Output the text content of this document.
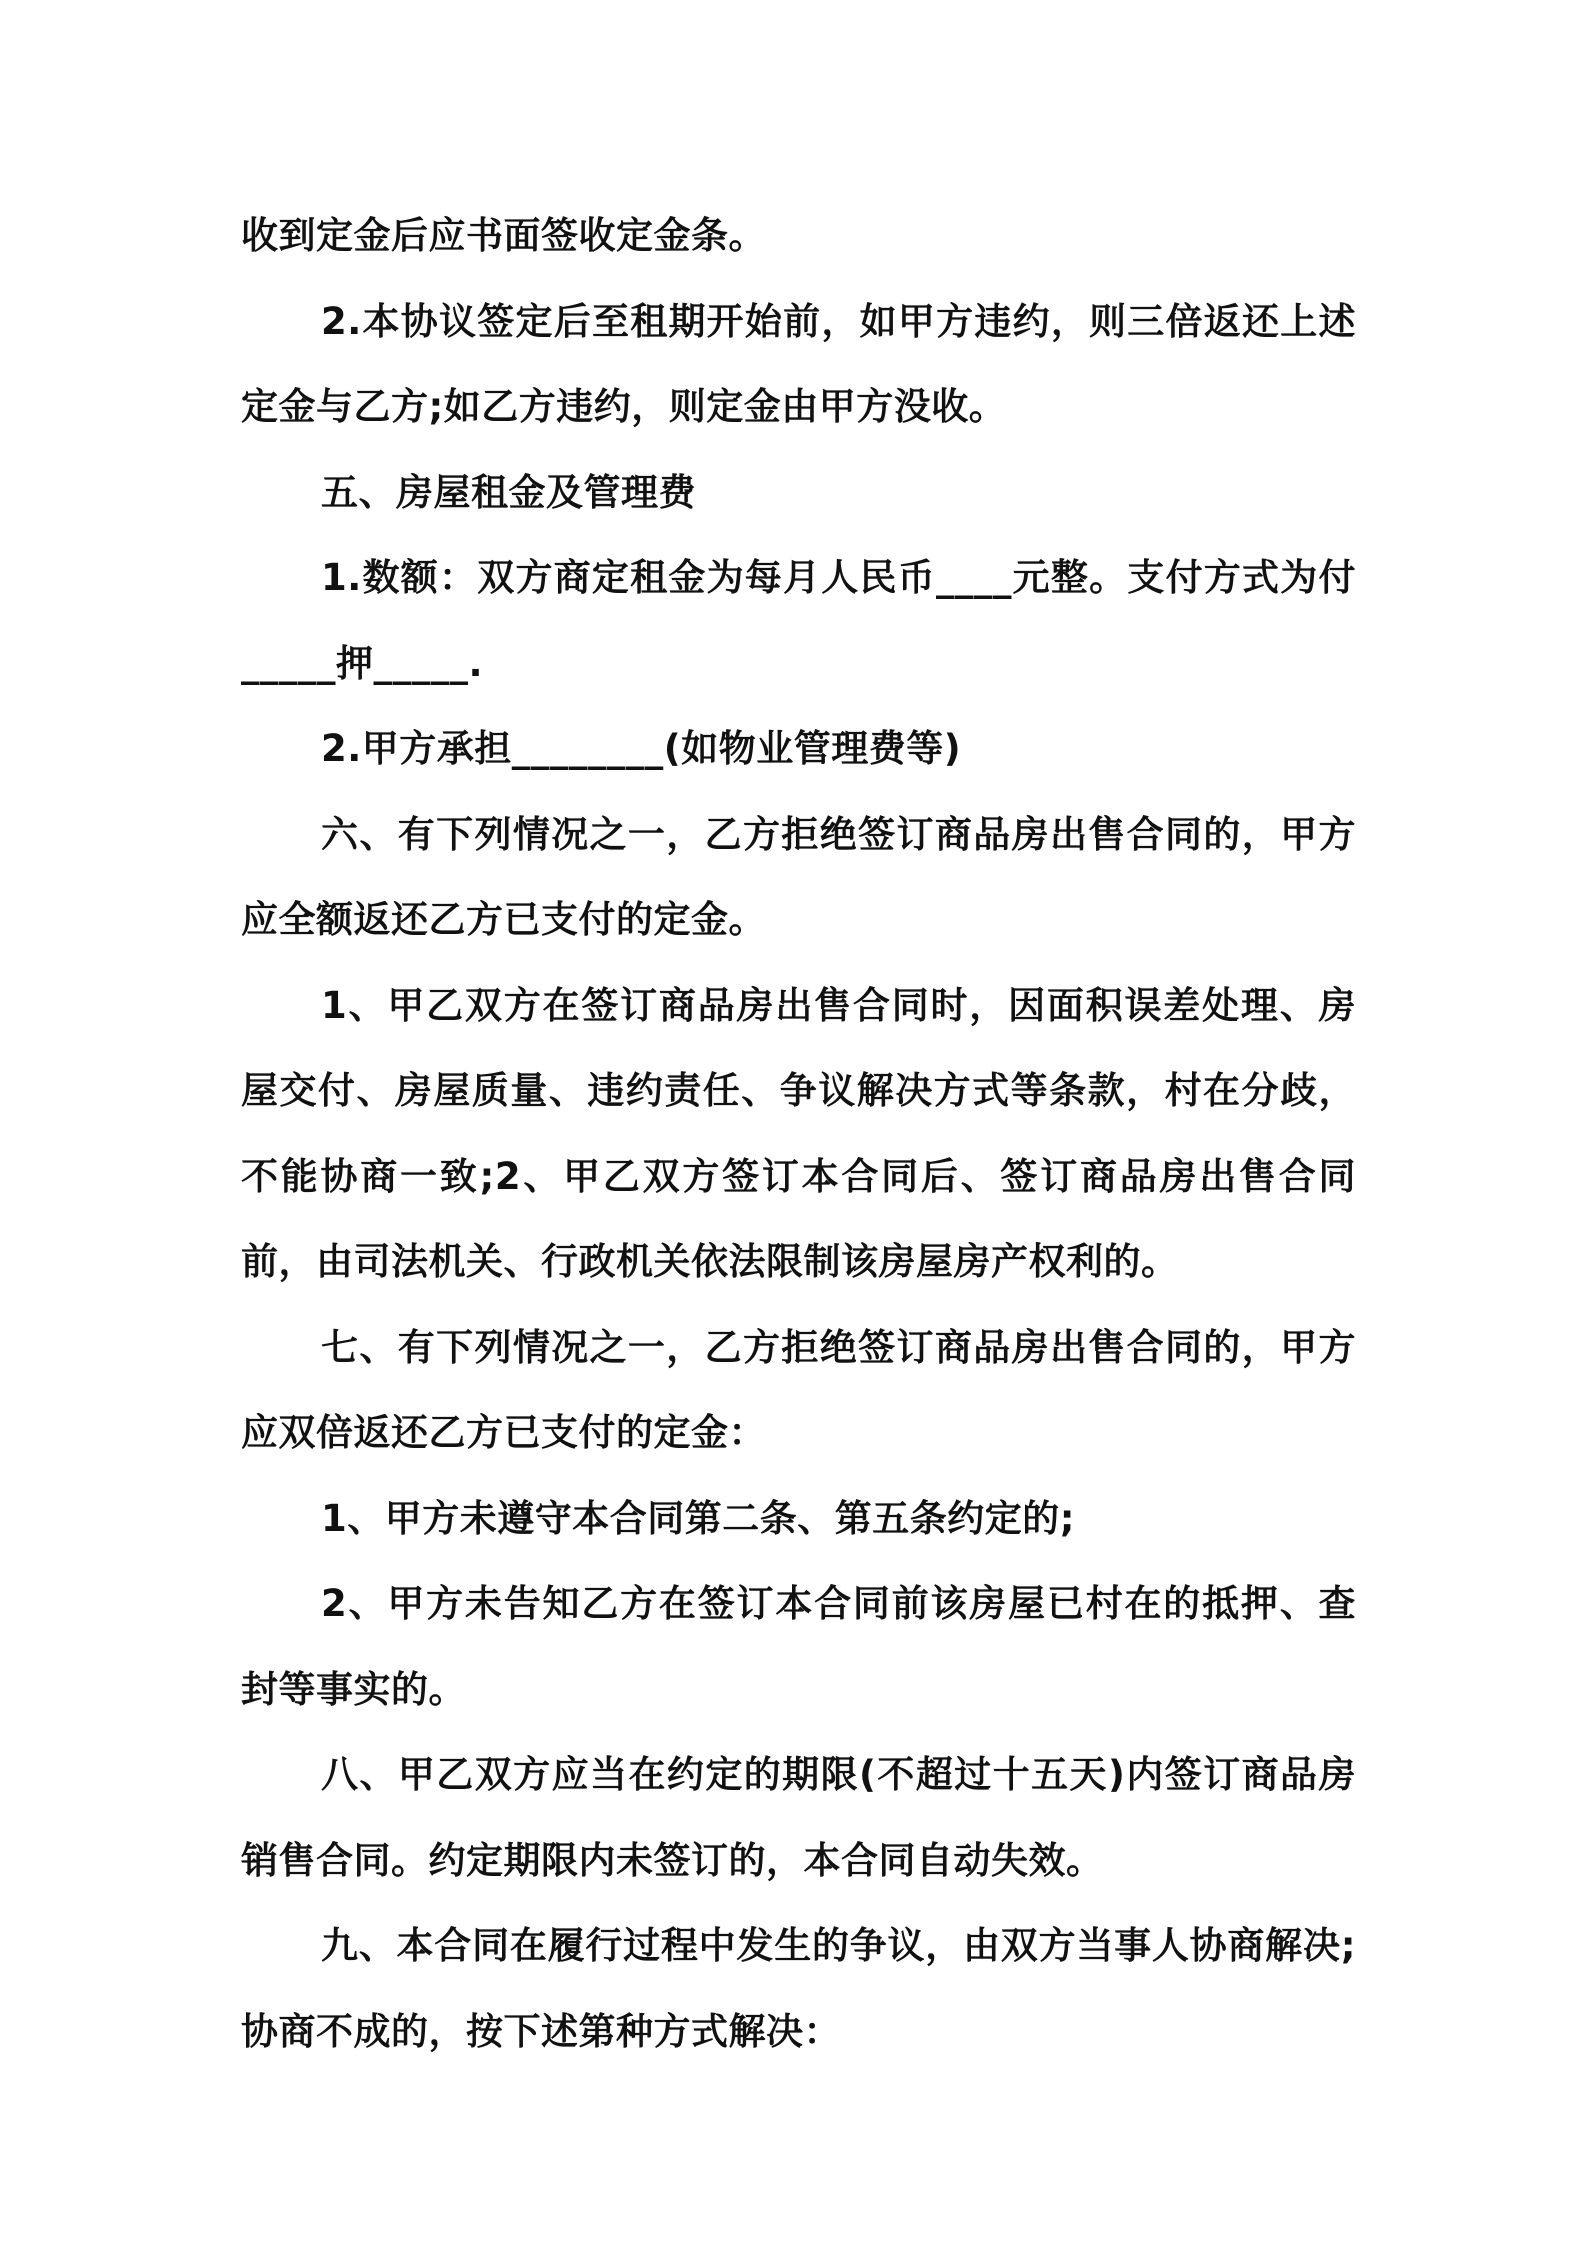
收到定金后应书面签收定金条。

2.本协议签定后至租期开始前，如甲方违约，则三倍返还上述定金与乙方;如乙方违约，则定金由甲方没收。

五、房屋租金及管理费

1.数额：双方商定租金为每月人民币____元整。支付方式为付_____押_____.

2.甲方承担________(如物业管理费等)

六、有下列情况之一，乙方拒绝签订商品房出售合同的，甲方应全额返还乙方已支付的定金。

1、甲乙双方在签订商品房出售合同时，因面积误差处理、房屋交付、房屋质量、违约责任、争议解决方式等条款，村在分歧，不能协商一致;2、甲乙双方签订本合同后、签订商品房出售合同前，由司法机关、行政机关依法限制该房屋房产权利的。

七、有下列情况之一，乙方拒绝签订商品房出售合同的，甲方应双倍返还乙方已支付的定金：

1、甲方未遵守本合同第二条、第五条约定的;

2、甲方未告知乙方在签订本合同前该房屋已村在的抵押、查封等事实的。

八、甲乙双方应当在约定的期限(不超过十五天)内签订商品房销售合同。约定期限内未签订的，本合同自动失效。

九、本合同在履行过程中发生的争议，由双方当事人协商解决;协商不成的，按下述第种方式解决：
